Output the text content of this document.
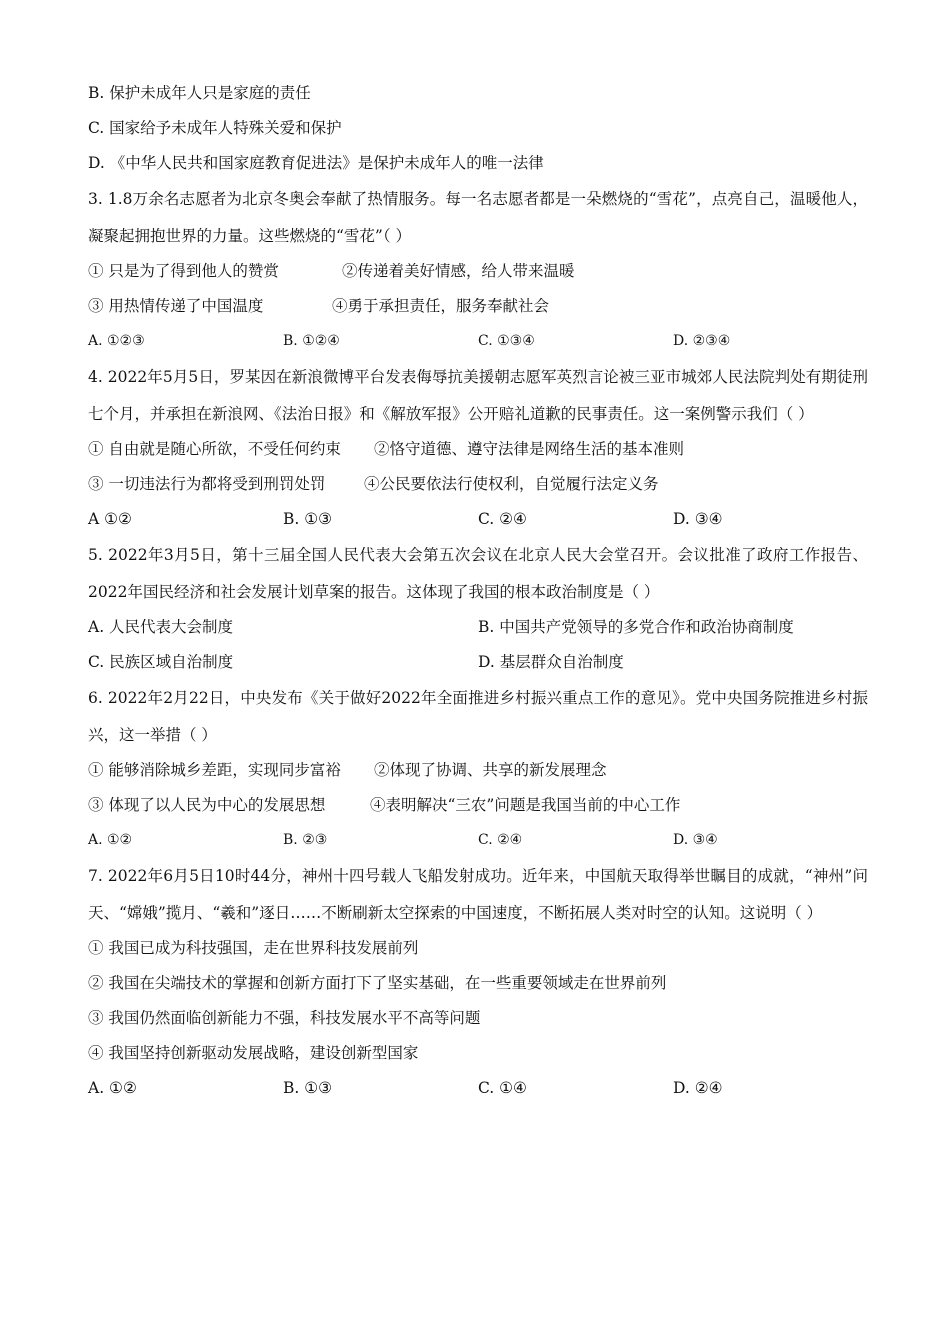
B. 保护未成年人只是家庭的责任
C. 国家给予未成年人特殊关爱和保护
D. 《中华人民共和国家庭教育促进法》是保护未成年人的唯一法律
3. 1.8万余名志愿者为北京冬奥会奉献了热情服务。每一名志愿者都是一朵燃烧的“雪花”，点亮自己，温暖他人，凝聚起拥抱世界的力量。这些燃烧的“雪花”（ ）
① 只是为了得到他人的赞赏	②传递着美好情感，给人带来温暖
③ 用热情传递了中国温度	④勇于承担责任，服务奉献社会
A. ①②③	B. ①②④	C. ①③④	D. ②③④
4. 2022年5月5日，罗某因在新浪微博平台发表侮辱抗美援朝志愿军英烈言论被三亚市城郊人民法院判处有期徒刑七个月，并承担在新浪网、《法治日报》和《解放军报》公开赔礼道歉的民事责任。这一案例警示我们（ ）
① 自由就是随心所欲，不受任何约束	②恪守道德、遵守法律是网络生活的基本准则
③ 一切违法行为都将受到刑罚处罚	④公民要依法行使权利，自觉履行法定义务
A ①②	B. ①③	C. ②④	D. ③④
5. 2022年3月5日，第十三届全国人民代表大会第五次会议在北京人民大会堂召开。会议批准了政府工作报告、2022年国民经济和社会发展计划草案的报告。这体现了我国的根本政治制度是（ ）
A. 人民代表大会制度	B. 中国共产党领导的多党合作和政治协商制度
C. 民族区域自治制度	D. 基层群众自治制度
6. 2022年2月22日，中央发布《关于做好2022年全面推进乡村振兴重点工作的意见》。党中央国务院推进乡村振兴，这一举措（ ）
① 能够消除城乡差距，实现同步富裕	②体现了协调、共享的新发展理念
③ 体现了以人民为中心的发展思想	④表明解决“三农”问题是我国当前的中心工作
A. ①②	B. ②③	C. ②④	D. ③④
7. 2022年6月5日10时44分，神州十四号载人飞船发射成功。近年来，中国航天取得举世瞩目的成就，“神州”问天、“嫦娥”揽月、“羲和”逐日……不断刷新太空探索的中国速度，不断拓展人类对时空的认知。这说明（ ）
① 我国已成为科技强国，走在世界科技发展前列
② 我国在尖端技术的掌握和创新方面打下了坚实基础，在一些重要领域走在世界前列
③ 我国仍然面临创新能力不强，科技发展水平不高等问题
④ 我国坚持创新驱动发展战略，建设创新型国家
A. ①②	B. ①③	C. ①④	D. ②④
